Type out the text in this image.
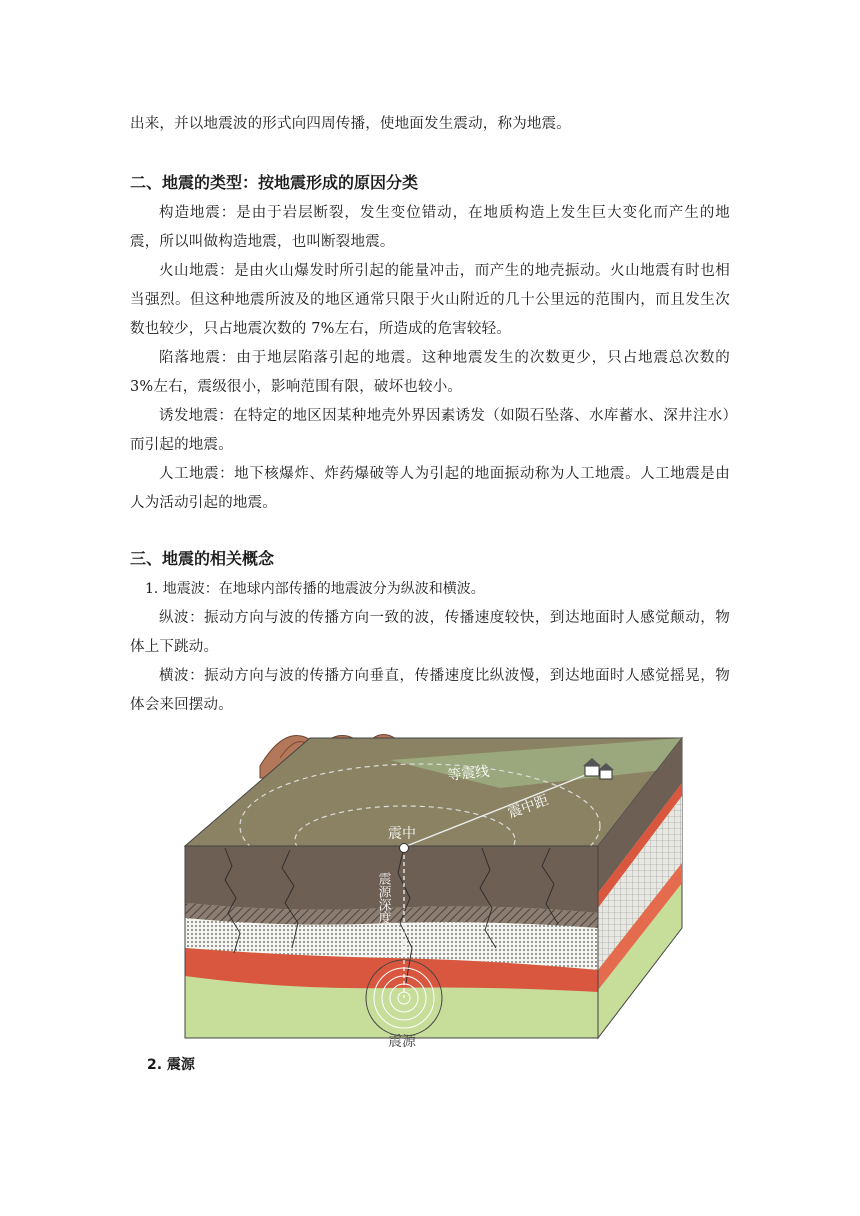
出来，并以地震波的形式向四周传播，使地面发生震动，称为地震。
二、地震的类型：按地震形成的原因分类
构造地震：是由于岩层断裂，发生变位错动，在地质构造上发生巨大变化而产生的地震，所以叫做构造地震，也叫断裂地震。
火山地震：是由火山爆发时所引起的能量冲击，而产生的地壳振动。火山地震有时也相当强烈。但这种地震所波及的地区通常只限于火山附近的几十公里远的范围内，而且发生次数也较少，只占地震次数的 7%左右，所造成的危害较轻。
陷落地震：由于地层陷落引起的地震。这种地震发生的次数更少，只占地震总次数的 3%左右，震级很小，影响范围有限，破坏也较小。
诱发地震：在特定的地区因某种地壳外界因素诱发（如陨石坠落、水库蓄水、深井注水）而引起的地震。
人工地震：地下核爆炸、炸药爆破等人为引起的地面振动称为人工地震。人工地震是由人为活动引起的地震。
三、地震的相关概念
1. 地震波：在地球内部传播的地震波分为纵波和横波。
纵波：振动方向与波的传播方向一致的波，传播速度较快，到达地面时人感觉颠动，物体上下跳动。
横波：振动方向与波的传播方向垂直，传播速度比纵波慢，到达地面时人感觉摇晃，物体会来回摆动。
等震线
震中距
震中
震源深度
震源
2. 震源
